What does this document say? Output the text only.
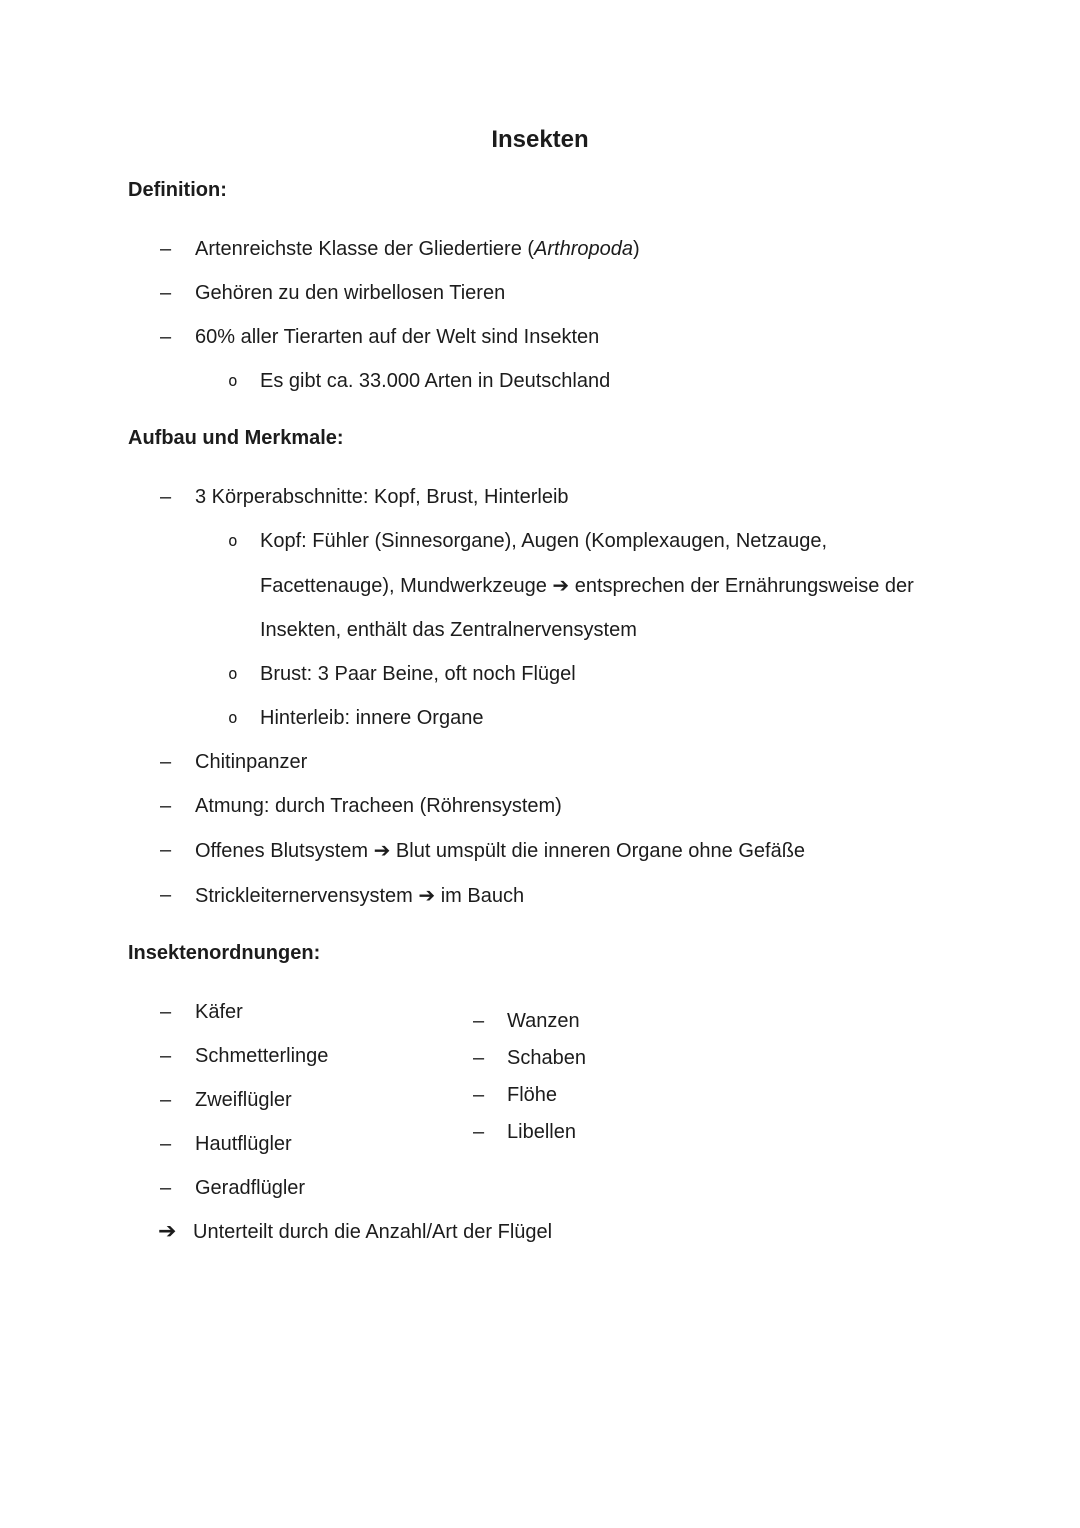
Insekten
Definition:
–	Artenreichste Klasse der Gliedertiere (Arthropoda)
–	Gehören zu den wirbellosen Tieren
–	60% aller Tierarten auf der Welt sind Insekten
o	Es gibt ca. 33.000 Arten in Deutschland
Aufbau und Merkmale:
–	3 Körperabschnitte: Kopf, Brust, Hinterleib
o	Kopf: Fühler (Sinnesorgane), Augen (Komplexaugen, Netzauge, Facettenauge), Mundwerkzeuge ➔ entsprechen der Ernährungsweise der Insekten, enthält das Zentralnervensystem
o	Brust: 3 Paar Beine, oft noch Flügel
o	Hinterleib: innere Organe
–	Chitinpanzer
–	Atmung: durch Tracheen (Röhrensystem)
–	Offenes Blutsystem ➔ Blut umspült die inneren Organe ohne Gefäße
–	Strickleiternervensystem ➔ im Bauch
Insektenordnungen:
–	Käfer
–	Schmetterlinge
–	Zweiflügler
–	Hautflügler
–	Geradflügler
–	Wanzen
–	Schaben
–	Flöhe
–	Libellen
➔ Unterteilt durch die Anzahl/Art der Flügel
